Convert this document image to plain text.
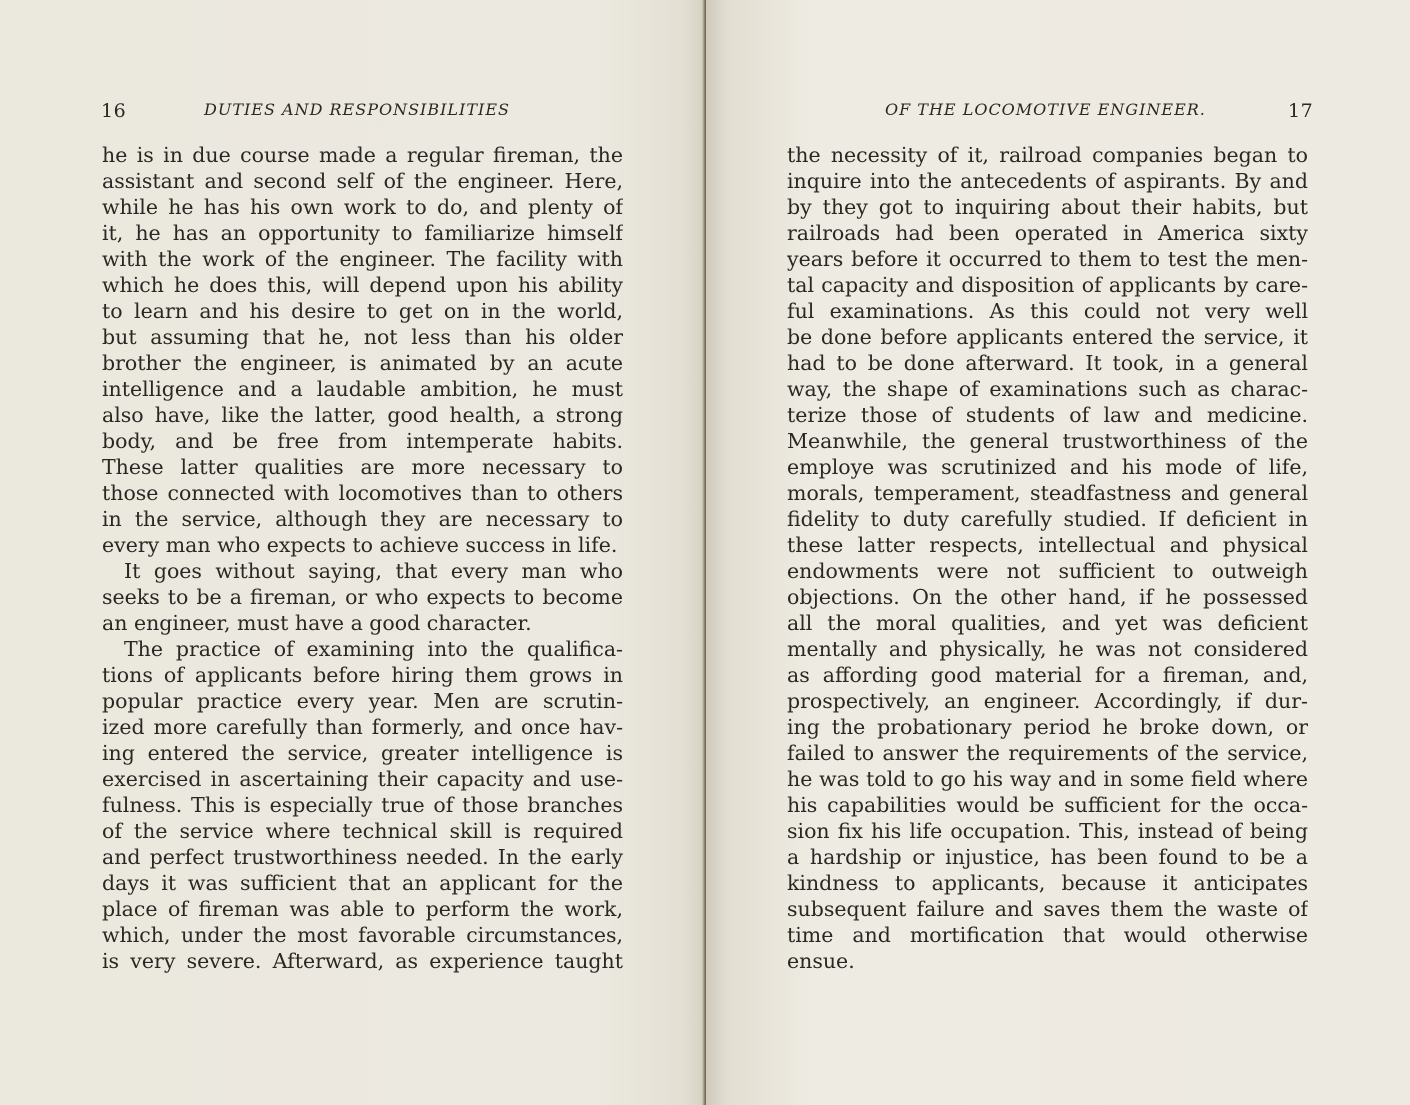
16	DUTIES AND RESPONSIBILITIES
he is in due course made a regular fireman, the
assistant and second self of the engineer. Here,
while he has his own work to do, and plenty of
it, he has an opportunity to familiarize himself
with the work of the engineer. The facility with
which he does this, will depend upon his ability
to learn and his desire to get on in the world,
but assuming that he, not less than his older
brother the engineer, is animated by an acute
intelligence and a laudable ambition, he must
also have, like the latter, good health, a strong
body, and be free from intemperate habits.
These latter qualities are more necessary to
those connected with locomotives than to others
in the service, although they are necessary to
every man who expects to achieve success in life.
It goes without saying, that every man who
seeks to be a fireman, or who expects to become
an engineer, must have a good character.
The practice of examining into the qualifica-
tions of applicants before hiring them grows in
popular practice every year. Men are scrutin-
ized more carefully than formerly, and once hav-
ing entered the service, greater intelligence is
exercised in ascertaining their capacity and use-
fulness. This is especially true of those branches
of the service where technical skill is required
and perfect trustworthiness needed. In the early
days it was sufficient that an applicant for the
place of fireman was able to perform the work,
which, under the most favorable circumstances,
is very severe. Afterward, as experience taught
OF THE LOCOMOTIVE ENGINEER.	17
the necessity of it, railroad companies began to
inquire into the antecedents of aspirants. By and
by they got to inquiring about their habits, but
railroads had been operated in America sixty
years before it occurred to them to test the men-
tal capacity and disposition of applicants by care-
ful examinations. As this could not very well
be done before applicants entered the service, it
had to be done afterward. It took, in a general
way, the shape of examinations such as charac-
terize those of students of law and medicine.
Meanwhile, the general trustworthiness of the
employe was scrutinized and his mode of life,
morals, temperament, steadfastness and general
fidelity to duty carefully studied. If deficient in
these latter respects, intellectual and physical
endowments were not sufficient to outweigh
objections. On the other hand, if he possessed
all the moral qualities, and yet was deficient
mentally and physically, he was not considered
as affording good material for a fireman, and,
prospectively, an engineer. Accordingly, if dur-
ing the probationary period he broke down, or
failed to answer the requirements of the service,
he was told to go his way and in some field where
his capabilities would be sufficient for the occa-
sion fix his life occupation. This, instead of being
a hardship or injustice, has been found to be a
kindness to applicants, because it anticipates
subsequent failure and saves them the waste of
time and mortification that would otherwise
ensue.
